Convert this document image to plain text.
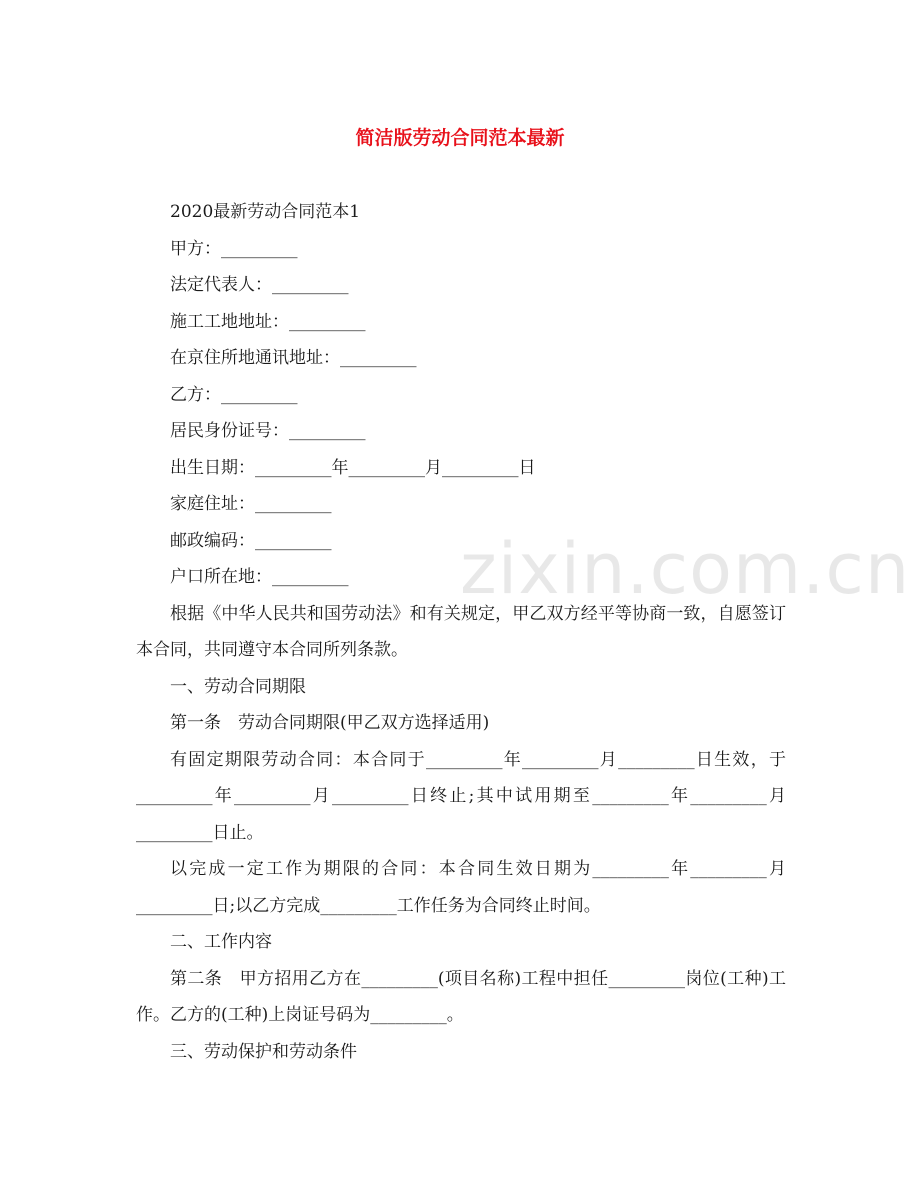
简洁版劳动合同范本最新

2020最新劳动合同范本1

甲方：_________

法定代表人：_________

施工工地地址：_________

在京住所地通讯地址：_________

乙方：_________

居民身份证号：_________

出生日期：_________年_________月_________日

家庭住址：_________

邮政编码：_________

户口所在地：_________

根据《中华人民共和国劳动法》和有关规定，甲乙双方经平等协商一致，自愿签订本合同，共同遵守本合同所列条款。

一、劳动合同期限

第一条　劳动合同期限(甲乙双方选择适用)

有固定期限劳动合同：本合同于_________年_________月_________日生效，于_________年_________月_________日终止;其中试用期至_________年_________月_________日止。

以完成一定工作为期限的合同：本合同生效日期为_________年_________月_________日;以乙方完成_________工作任务为合同终止时间。

二、工作内容

第二条　甲方招用乙方在_________(项目名称)工程中担任_________岗位(工种)工作。乙方的(工种)上岗证号码为_________。

三、劳动保护和劳动条件

zixin.com.cn
